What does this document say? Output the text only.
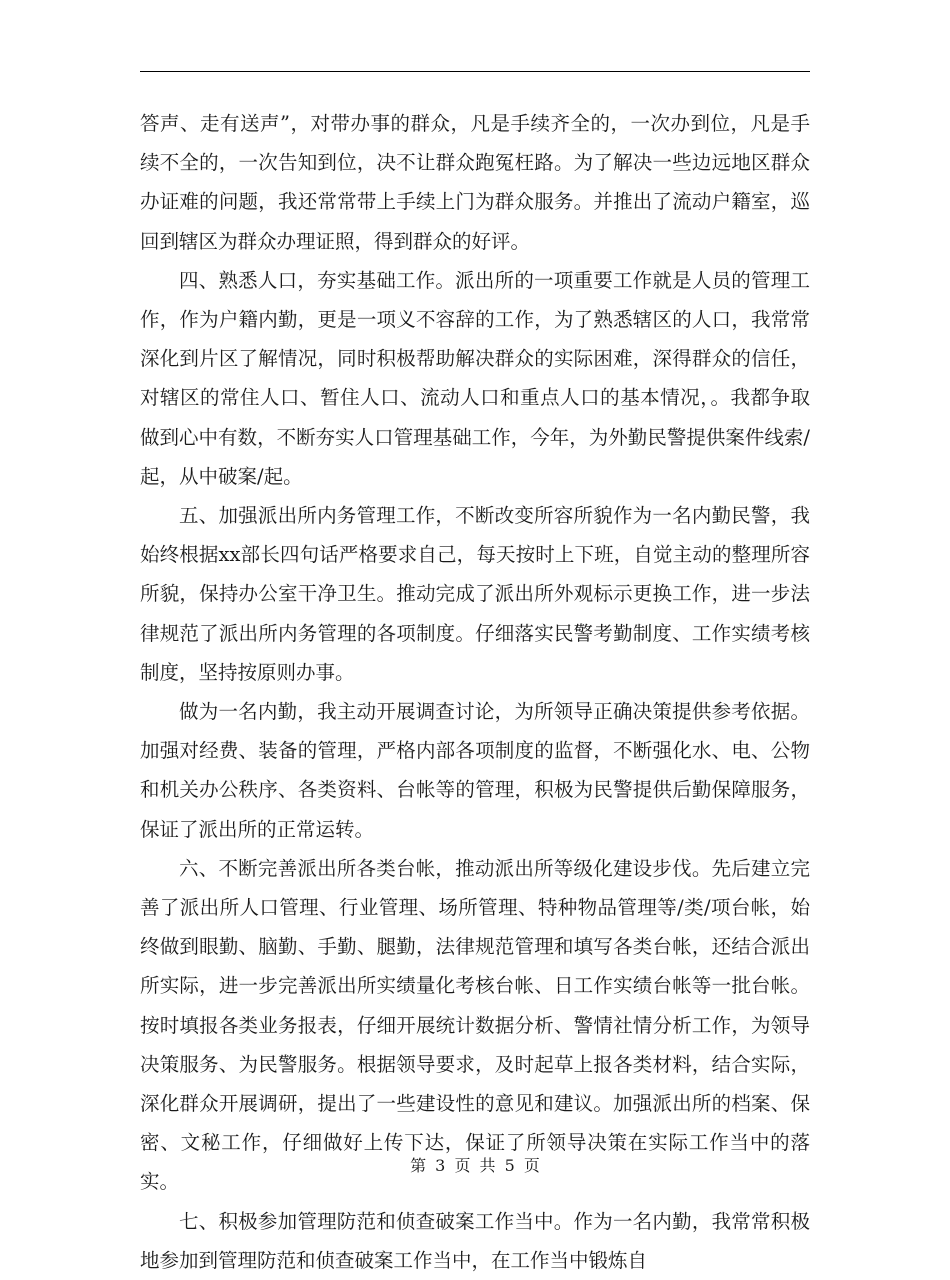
答声、走有送声”，对带办事的群众，凡是手续齐全的，一次办到位，凡是手续不全的，一次告知到位，决不让群众跑冤枉路。为了解决一些边远地区群众办证难的问题，我还常常带上手续上门为群众服务。并推出了流动户籍室，巡回到辖区为群众办理证照，得到群众的好评。

四、熟悉人口，夯实基础工作。派出所的一项重要工作就是人员的管理工作，作为户籍内勤，更是一项义不容辞的工作，为了熟悉辖区的人口，我常常深化到片区了解情况，同时积极帮助解决群众的实际困难，深得群众的信任，对辖区的常住人口、暂住人口、流动人口和重点人口的基本情况，。我都争取做到心中有数，不断夯实人口管理基础工作，今年，为外勤民警提供案件线索/起，从中破案/起。

五、加强派出所内务管理工作，不断改变所容所貌作为一名内勤民警，我始终根据xx部长四句话严格要求自己，每天按时上下班，自觉主动的整理所容所貌，保持办公室干净卫生。推动完成了派出所外观标示更换工作，进一步法律规范了派出所内务管理的各项制度。仔细落实民警考勤制度、工作实绩考核制度，坚持按原则办事。

做为一名内勤，我主动开展调查讨论，为所领导正确决策提供参考依据。加强对经费、装备的管理，严格内部各项制度的监督，不断强化水、电、公物和机关办公秩序、各类资料、台帐等的管理，积极为民警提供后勤保障服务，保证了派出所的正常运转。

六、不断完善派出所各类台帐，推动派出所等级化建设步伐。先后建立完善了派出所人口管理、行业管理、场所管理、特种物品管理等/类/项台帐，始终做到眼勤、脑勤、手勤、腿勤，法律规范管理和填写各类台帐，还结合派出所实际，进一步完善派出所实绩量化考核台帐、日工作实绩台帐等一批台帐。按时填报各类业务报表，仔细开展统计数据分析、警情社情分析工作，为领导决策服务、为民警服务。根据领导要求，及时起草上报各类材料，结合实际，深化群众开展调研，提出了一些建设性的意见和建议。加强派出所的档案、保密、文秘工作，仔细做好上传下达，保证了所领导决策在实际工作当中的落实。

七、积极参加管理防范和侦查破案工作当中。作为一名内勤，我常常积极地参加到管理防范和侦查破案工作当中，在工作当中锻炼自

第 3 页 共 5 页
